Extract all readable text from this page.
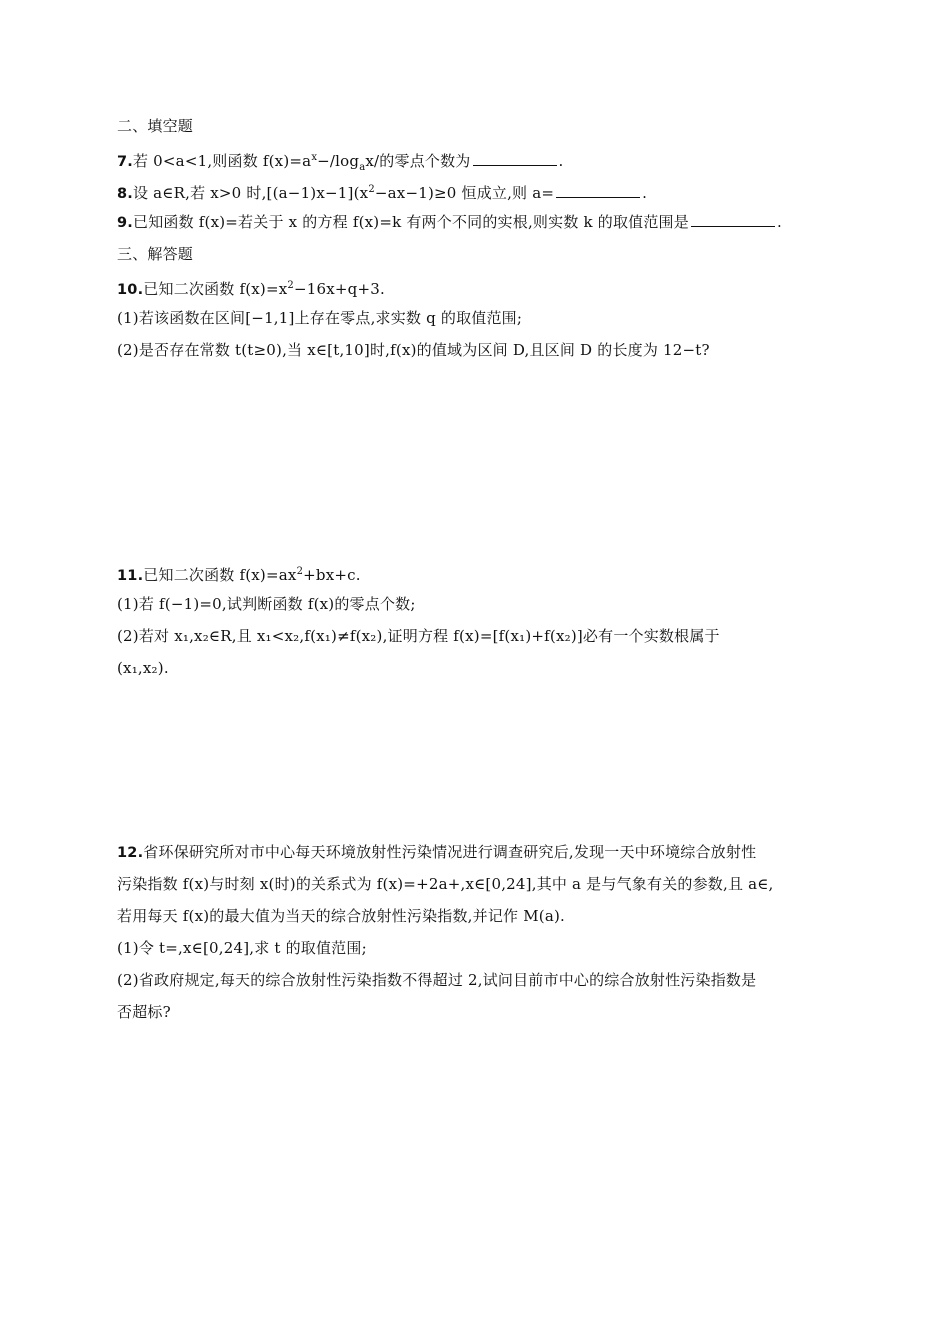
二、填空题
7.若 0<a<1,则函数 $f(x)=a^x-/\log_ax/$的零点个数为	.
8.设 a∈R,若 x>0 时$,[(a-1)x-1](x^2-ax-1)\ge 0$ 恒成立,则 a=	.
9.已知函数 f(x)=若关于 x 的方程 f(x)=k 有两个不同的实根,则实数 k 的取值范围是	.
三、解答题
10.已知二次函数 $f(x)=x^2-16x+q+3$.
(1)若该函数在区间[−1,1]上存在零点,求实数 q 的取值范围;
(2)是否存在常数 t(t≥0),当 x∈[t,10]时,f(x)的值域为区间 D,且区间 D 的长度为 12−t?
11.已知二次函数 $f(x)=ax^2+bx+c$.
(1)若 f(−1)=0,试判断函数 f(x)的零点个数;
(2)若对 x₁,x₂∈R,且 x₁<x₂,f(x₁)≠f(x₂),证明方程 f(x)=[f(x₁)+f(x₂)]必有一个实数根属于
(x₁,x₂).
12.省环保研究所对市中心每天环境放射性污染情况进行调查研究后,发现一天中环境综合放射性
污染指数 f(x)与时刻 x(时)的关系式为 f(x)=+2a+,x∈[0,24],其中 a 是与气象有关的参数,且 a∈,
若用每天 f(x)的最大值为当天的综合放射性污染指数,并记作 M(a).
(1)令 t=,x∈[0,24],求 t 的取值范围;
(2)省政府规定,每天的综合放射性污染指数不得超过 2,试问目前市中心的综合放射性污染指数是
否超标?
